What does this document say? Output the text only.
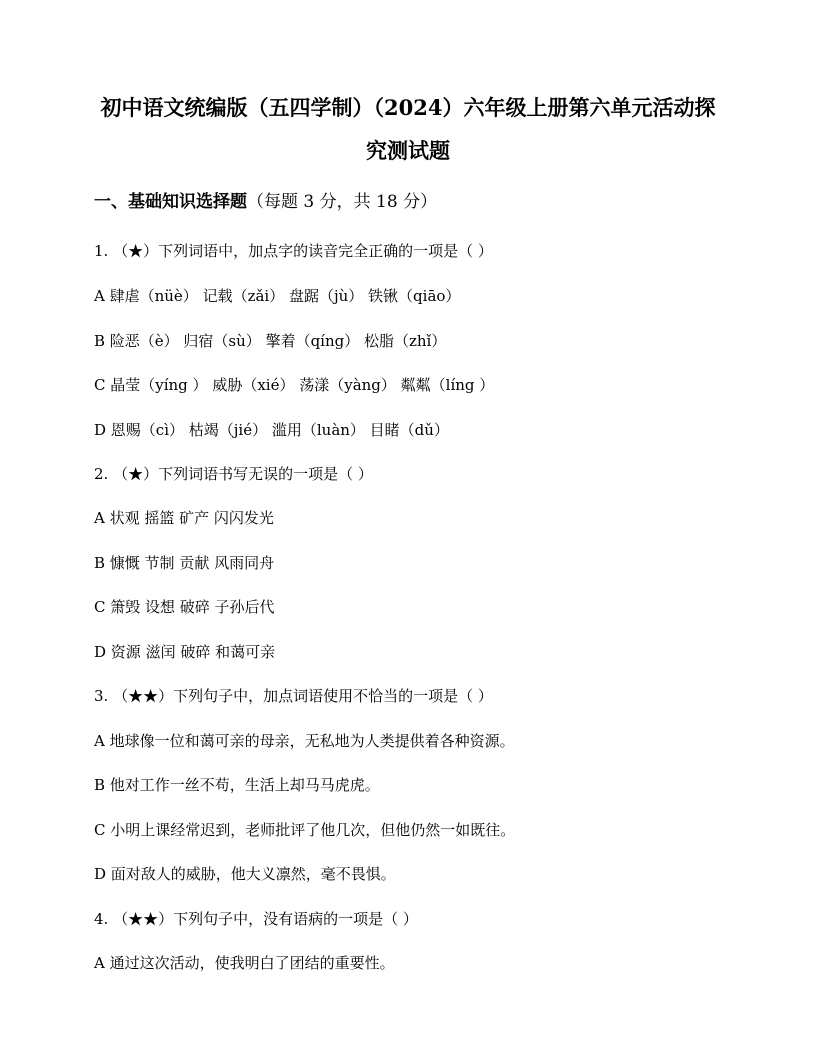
初中语文统编版（五四学制）（2024）六年级上册第六单元活动探
究测试题
一、基础知识选择题（每题 3 分，共 18 分）
1. （★）下列词语中，加点字的读音完全正确的一项是（ ）
A 肆虐（nüè） 记载（zǎi） 盘踞（jù） 铁锹（qiāo）
B 险恶（è） 归宿（sù） 擎着（qíng） 松脂（zhǐ）
C 晶莹（yíng ） 威胁（xié） 荡漾（yàng） 粼粼（líng ）
D 恩赐（cì） 枯竭（jié） 滥用（luàn） 目睹（dǔ）
2. （★）下列词语书写无误的一项是（ ）
A 状观 摇篮 矿产 闪闪发光
B 慷慨 节制 贡献 风雨同舟
C 箫毁 设想 破碎 子孙后代
D 资源 滋闰 破碎 和蔼可亲
3. （★★）下列句子中，加点词语使用不恰当的一项是（ ）
A 地球像一位和蔼可亲的母亲，无私地为人类提供着各种资源。
B 他对工作一丝不苟，生活上却马马虎虎。
C 小明上课经常迟到，老师批评了他几次，但他仍然一如既往。
D 面对敌人的威胁，他大义凛然，毫不畏惧。
4. （★★）下列句子中，没有语病的一项是（ ）
A 通过这次活动，使我明白了团结的重要性。
